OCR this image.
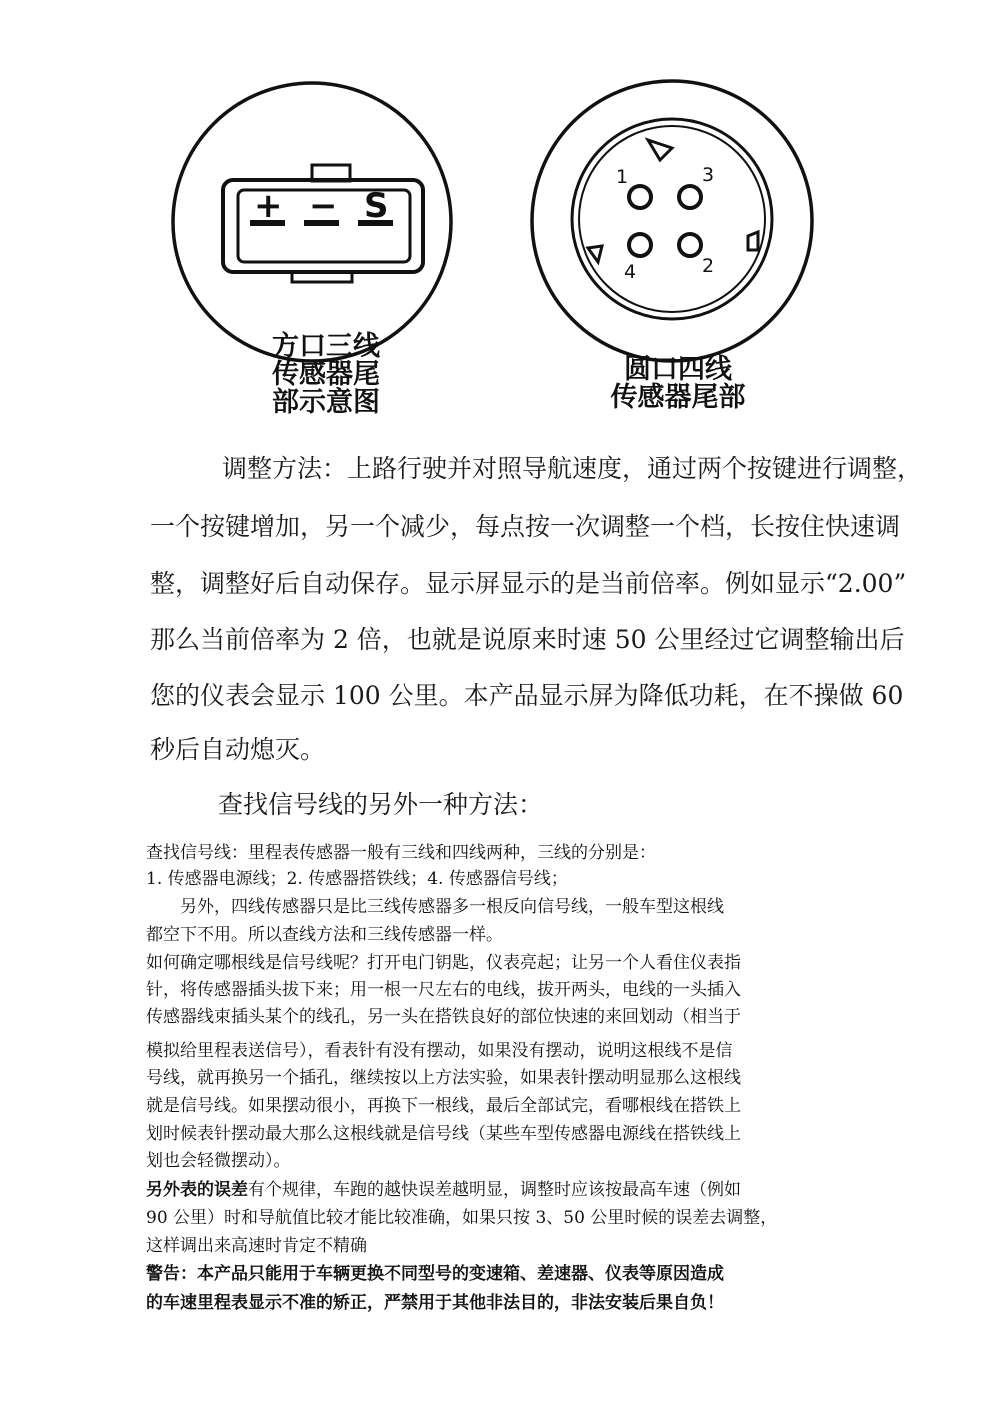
+ − S
1	3
4	2
方口三线
传感器尾
部示意图
圆口四线
传感器尾部
调整方法：上路行驶并对照导航速度，通过两个按键进行调整，
一个按键增加，另一个减少，每点按一次调整一个档，长按住快速调
整，调整好后自动保存。显示屏显示的是当前倍率。例如显示“2.00”
那么当前倍率为 2 倍，也就是说原来时速 50 公里经过它调整输出后
您的仪表会显示 100 公里。本产品显示屏为降低功耗，在不操做 60
秒后自动熄灭。
查找信号线的另外一种方法：
查找信号线：里程表传感器一般有三线和四线两种，三线的分别是：
1. 传感器电源线；2. 传感器搭铁线；4. 传感器信号线；
　　另外，四线传感器只是比三线传感器多一根反向信号线，一般车型这根线
都空下不用。所以查线方法和三线传感器一样。
如何确定哪根线是信号线呢？打开电门钥匙，仪表亮起；让另一个人看住仪表指
针，将传感器插头拔下来；用一根一尺左右的电线，拔开两头，电线的一头插入
传感器线束插头某个的线孔，另一头在搭铁良好的部位快速的来回划动（相当于
模拟给里程表送信号），看表针有没有摆动，如果没有摆动，说明这根线不是信
号线，就再换另一个插孔，继续按以上方法实验，如果表针摆动明显那么这根线
就是信号线。如果摆动很小，再换下一根线，最后全部试完，看哪根线在搭铁上
划时候表针摆动最大那么这根线就是信号线（某些车型传感器电源线在搭铁线上
划也会轻微摆动）。
另外表的误差有个规律，车跑的越快误差越明显，调整时应该按最高车速（例如
90 公里）时和导航值比较才能比较准确，如果只按 3、50 公里时候的误差去调整，
这样调出来高速时肯定不精确
警告：本产品只能用于车辆更换不同型号的变速箱、差速器、仪表等原因造成
的车速里程表显示不准的矫正，严禁用于其他非法目的，非法安装后果自负！
